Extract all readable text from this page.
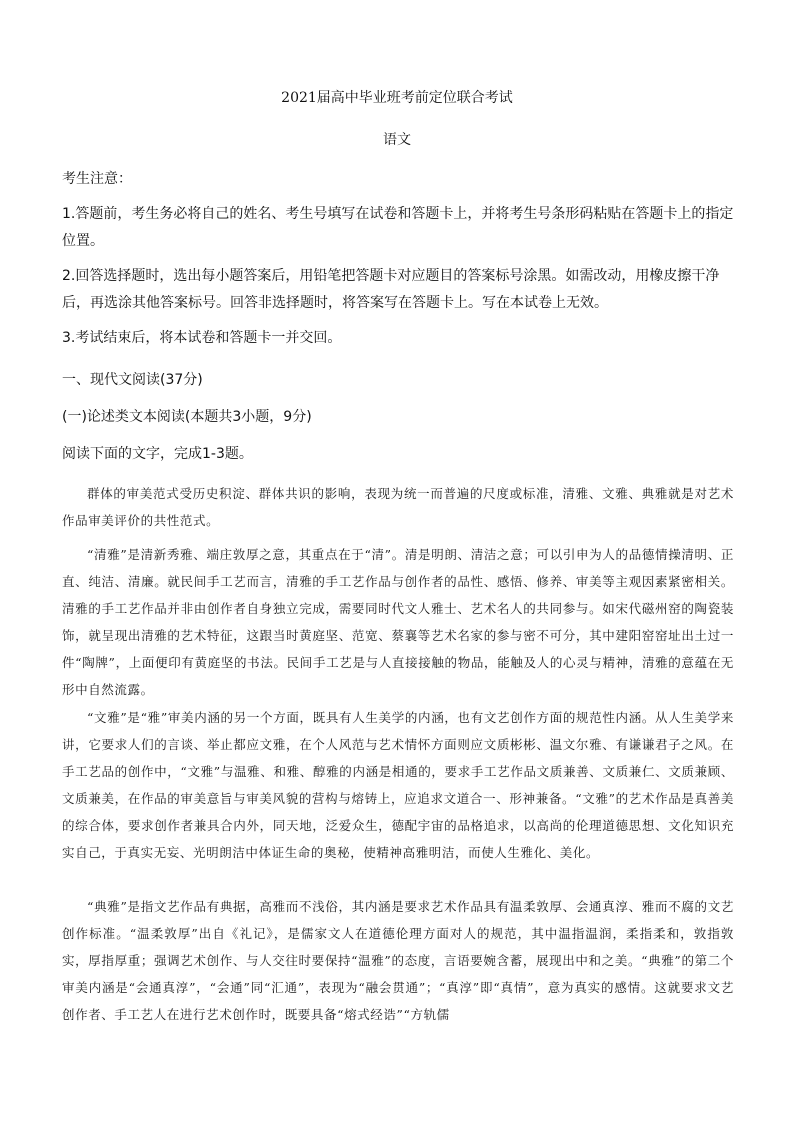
2021届高中毕业班考前定位联合考试
语文
考生注意：
1.答题前，考生务必将自己的姓名、考生号填写在试卷和答题卡上，并将考生号条形码粘贴在答题卡上的指定位置。
2.回答选择题时，选出每小题答案后，用铅笔把答题卡对应题目的答案标号涂黑。如需改动，用橡皮擦干净后，再选涂其他答案标号。回答非选择题时，将答案写在答题卡上。写在本试卷上无效。
3.考试结束后，将本试卷和答题卡一并交回。
一、现代文阅读(37分)
(一)论述类文本阅读(本题共3小题，9分)
阅读下面的文字，完成1-3题。
群体的审美范式受历史积淀、群体共识的影响，表现为统一而普遍的尺度或标准，清雅、文雅、典雅就是对艺术作品审美评价的共性范式。
“清雅”是清新秀雅、端庄敦厚之意，其重点在于“清”。清是明朗、清洁之意；可以引申为人的品德情操清明、正直、纯洁、清廉。就民间手工艺而言，清雅的手工艺作品与创作者的品性、感悟、修养、审美等主观因素紧密相关。清雅的手工艺作品并非由创作者自身独立完成，需要同时代文人雅士、艺术名人的共同参与。如宋代磁州窑的陶瓷装饰，就呈现出清雅的艺术特征，这跟当时黄庭坚、范宽、蔡襄等艺术名家的参与密不可分，其中建阳窑窑址出土过一件“陶牌”，上面便印有黄庭坚的书法。民间手工艺是与人直接接触的物品，能触及人的心灵与精神，清雅的意蕴在无形中自然流露。
“文雅”是“雅”审美内涵的另一个方面，既具有人生美学的内涵，也有文艺创作方面的规范性内涵。从人生美学来讲，它要求人们的言谈、举止都应文雅，在个人风范与艺术情怀方面则应文质彬彬、温文尔雅、有谦谦君子之风。在手工艺品的创作中，“文雅”与温雅、和雅、醇雅的内涵是相通的，要求手工艺作品文质兼善、文质兼仁、文质兼顾、文质兼美，在作品的审美意旨与审美风貌的营构与熔铸上，应追求文道合一、形神兼备。“文雅”的艺术作品是真善美的综合体，要求创作者兼具合内外，同天地，泛爱众生，德配宇宙的品格追求，以高尚的伦理道德思想、文化知识充实自己，于真实无妄、光明朗洁中体证生命的奥秘，使精神高雅明洁，而使人生雅化、美化。
“典雅”是指文艺作品有典据，高雅而不浅俗，其内涵是要求艺术作品具有温柔敦厚、会通真淳、雅而不腐的文艺创作标准。“温柔敦厚”出自《礼记》，是儒家文人在道德伦理方面对人的规范，其中温指温润，柔指柔和，敦指敦实，厚指厚重；强调艺术创作、与人交往时要保持“温雅”的态度，言语要婉含蓄，展现出中和之美。“典雅”的第二个审美内涵是“会通真淳”，“会通”同“汇通”，表现为“融会贯通”；“真淳”即“真情”，意为真实的感情。这就要求文艺创作者、手工艺人在进行艺术创作时，既要具备“熔式经诰”“方轨儒
